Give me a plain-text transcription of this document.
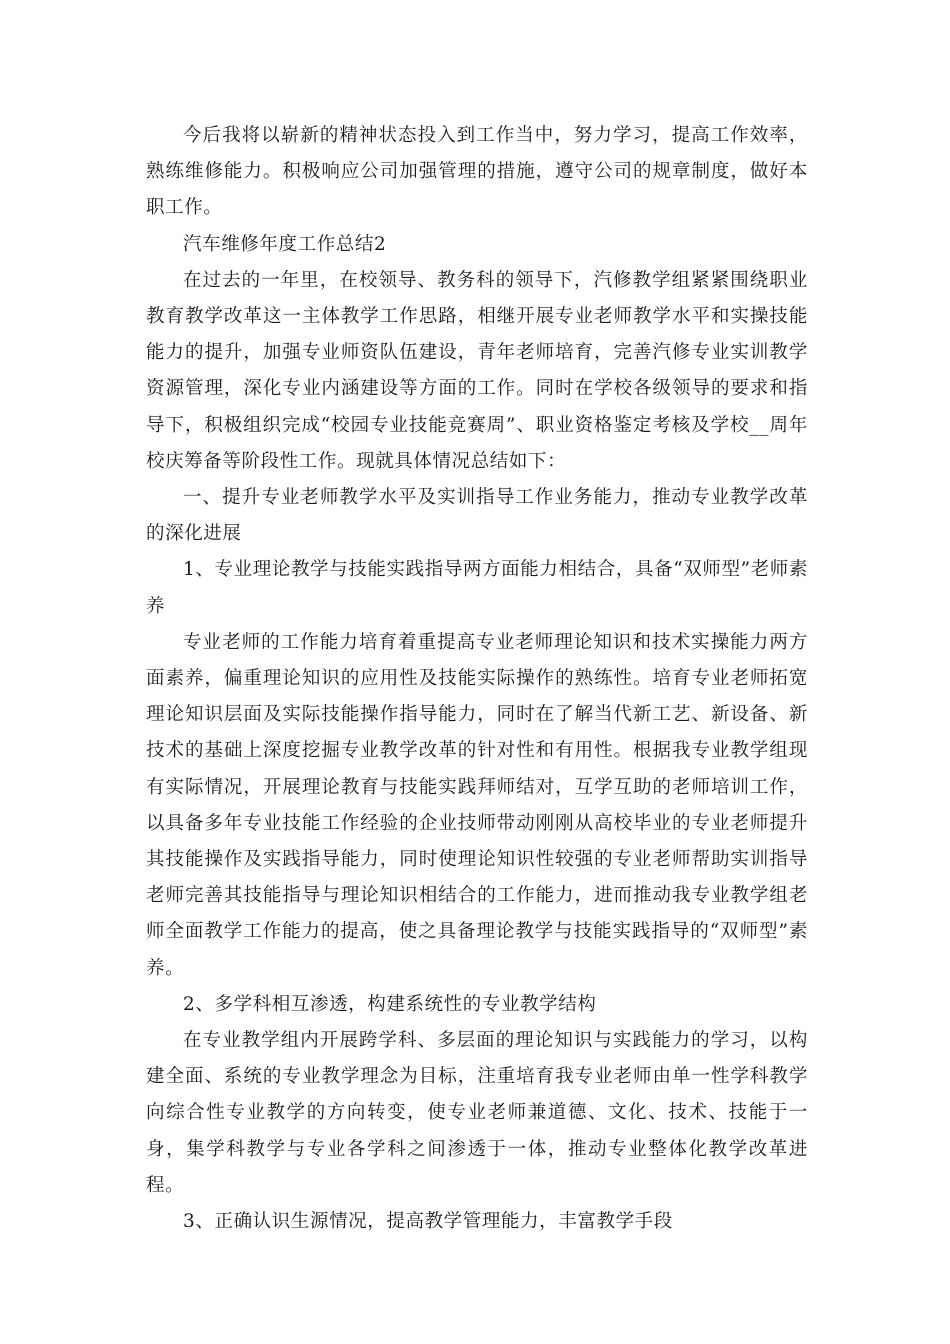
今后我将以崭新的精神状态投入到工作当中，努力学习，提高工作效率，熟练维修能力。积极响应公司加强管理的措施，遵守公司的规章制度，做好本职工作。

汽车维修年度工作总结2

在过去的一年里，在校领导、教务科的领导下，汽修教学组紧紧围绕职业教育教学改革这一主体教学工作思路，相继开展专业老师教学水平和实操技能能力的提升，加强专业师资队伍建设，青年老师培育，完善汽修专业实训教学资源管理，深化专业内涵建设等方面的工作。同时在学校各级领导的要求和指导下，积极组织完成“校园专业技能竞赛周”、职业资格鉴定考核及学校__周年校庆筹备等阶段性工作。现就具体情况总结如下：

一、提升专业老师教学水平及实训指导工作业务能力，推动专业教学改革的深化进展

1、专业理论教学与技能实践指导两方面能力相结合，具备“双师型”老师素养

专业老师的工作能力培育着重提高专业老师理论知识和技术实操能力两方面素养，偏重理论知识的应用性及技能实际操作的熟练性。培育专业老师拓宽理论知识层面及实际技能操作指导能力，同时在了解当代新工艺、新设备、新技术的基础上深度挖掘专业教学改革的针对性和有用性。根据我专业教学组现有实际情况，开展理论教育与技能实践拜师结对，互学互助的老师培训工作，以具备多年专业技能工作经验的企业技师带动刚刚从高校毕业的专业老师提升其技能操作及实践指导能力，同时使理论知识性较强的专业老师帮助实训指导老师完善其技能指导与理论知识相结合的工作能力，进而推动我专业教学组老师全面教学工作能力的提高，使之具备理论教学与技能实践指导的“双师型”素养。

2、多学科相互渗透，构建系统性的专业教学结构

在专业教学组内开展跨学科、多层面的理论知识与实践能力的学习，以构建全面、系统的专业教学理念为目标，注重培育我专业老师由单一性学科教学向综合性专业教学的方向转变，使专业老师兼道德、文化、技术、技能于一身，集学科教学与专业各学科之间渗透于一体，推动专业整体化教学改革进程。

3、正确认识生源情况，提高教学管理能力，丰富教学手段
